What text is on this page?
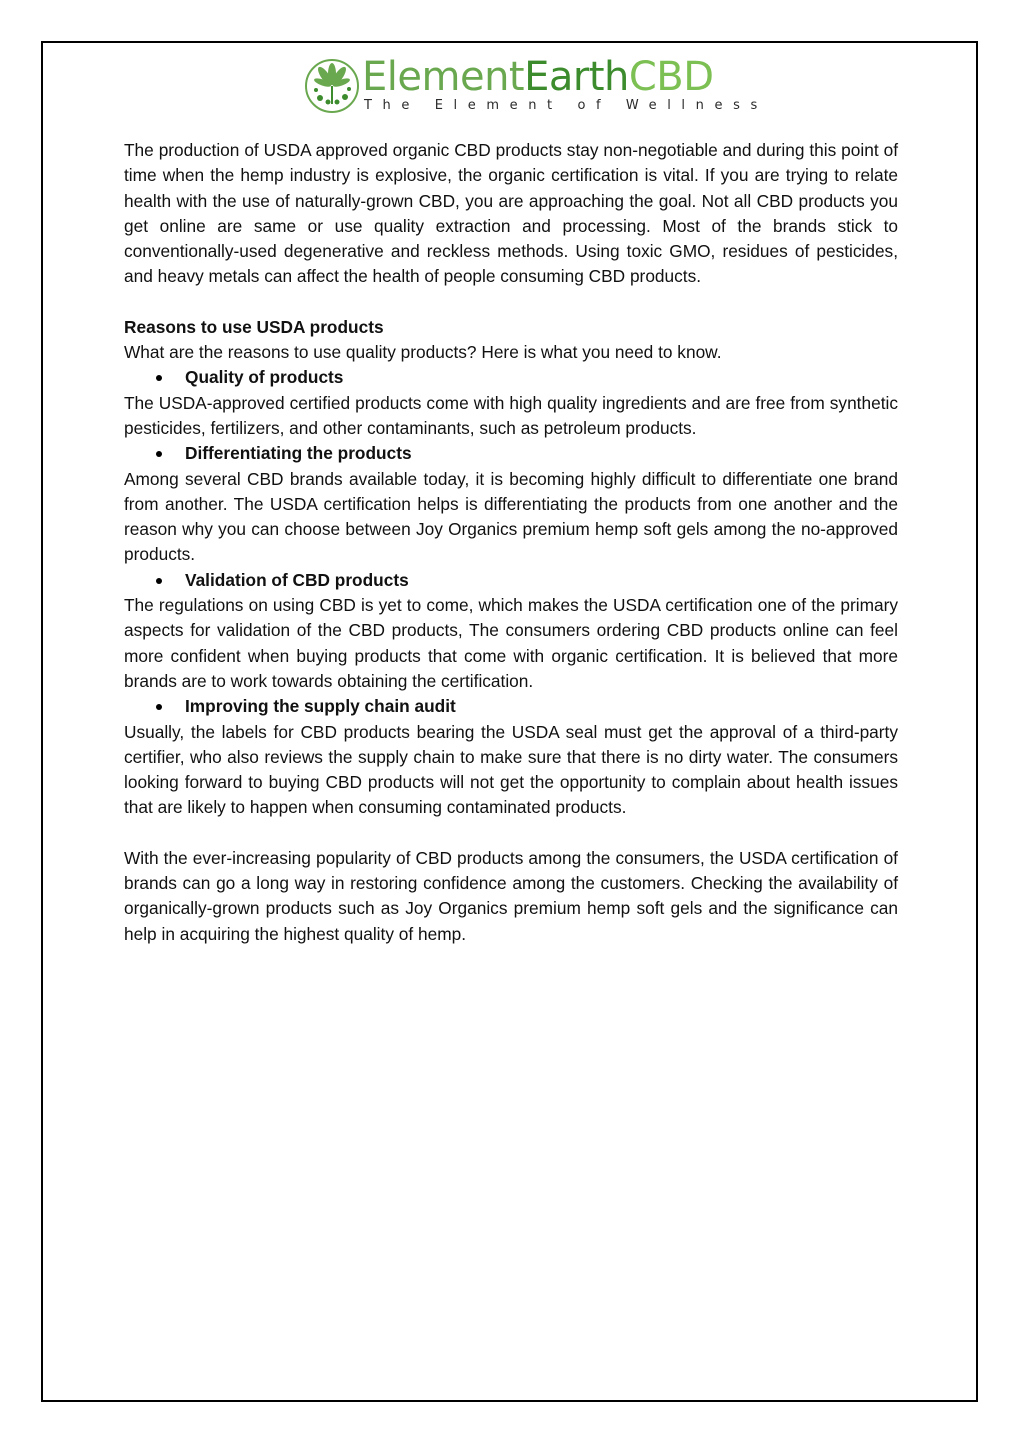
ElementEarthCBD
The Element of Wellness

The production of USDA approved organic CBD products stay non-negotiable and during this point of time when the hemp industry is explosive, the organic certification is vital. If you are trying to relate health with the use of naturally-grown CBD, you are approaching the goal. Not all CBD products you get online are same or use quality extraction and processing. Most of the brands stick to conventionally-used degenerative and reckless methods. Using toxic GMO, residues of pesticides, and heavy metals can affect the health of people consuming CBD products.

Reasons to use USDA products

What are the reasons to use quality products? Here is what you need to know.

Quality of products

The USDA-approved certified products come with high quality ingredients and are free from synthetic pesticides, fertilizers, and other contaminants, such as petroleum products.

Differentiating the products

Among several CBD brands available today, it is becoming highly difficult to differentiate one brand from another. The USDA certification helps is differentiating the products from one another and the reason why you can choose between Joy Organics premium hemp soft gels among the no-approved products.

Validation of CBD products

The regulations on using CBD is yet to come, which makes the USDA certification one of the primary aspects for validation of the CBD products, The consumers ordering CBD products online can feel more confident when buying products that come with organic certification. It is believed that more brands are to work towards obtaining the certification.

Improving the supply chain audit

Usually, the labels for CBD products bearing the USDA seal must get the approval of a third-party certifier, who also reviews the supply chain to make sure that there is no dirty water. The consumers looking forward to buying CBD products will not get the opportunity to complain about health issues that are likely to happen when consuming contaminated products.

With the ever-increasing popularity of CBD products among the consumers, the USDA certification of brands can go a long way in restoring confidence among the customers. Checking the availability of organically-grown products such as Joy Organics premium hemp soft gels and the significance can help in acquiring the highest quality of hemp.
